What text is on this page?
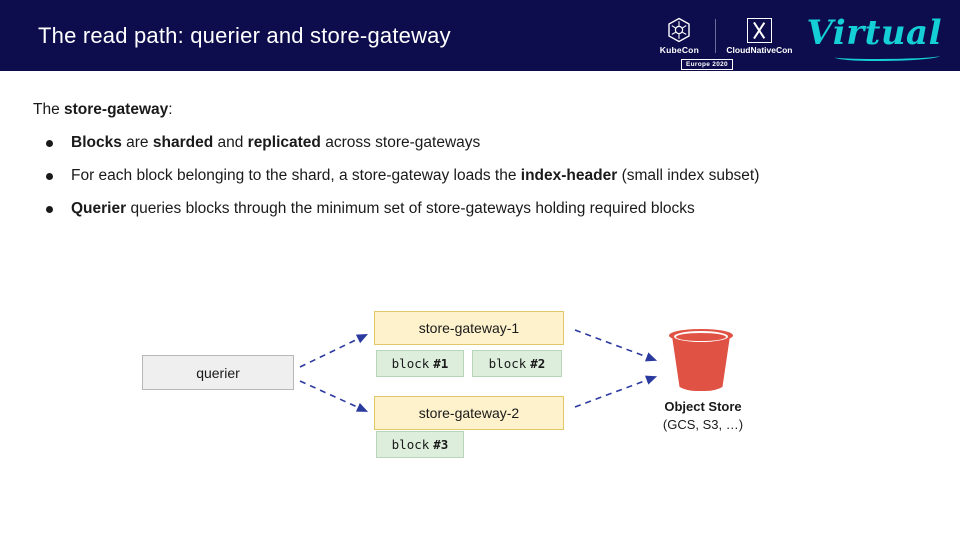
The read path: querier and store-gateway
KubeCon	CloudNativeCon Virtual
Europe 2020
The store-gateway:
Blocks are sharded and replicated across store-gateways
For each block belonging to the shard, a store-gateway loads the index-header (small index subset)
Querier queries blocks through the minimum set of store-gateways holding required blocks
querier
store-gateway-1
store-gateway-2
block #1	block #2
block #3
Object Store
(GCS, S3, …)
